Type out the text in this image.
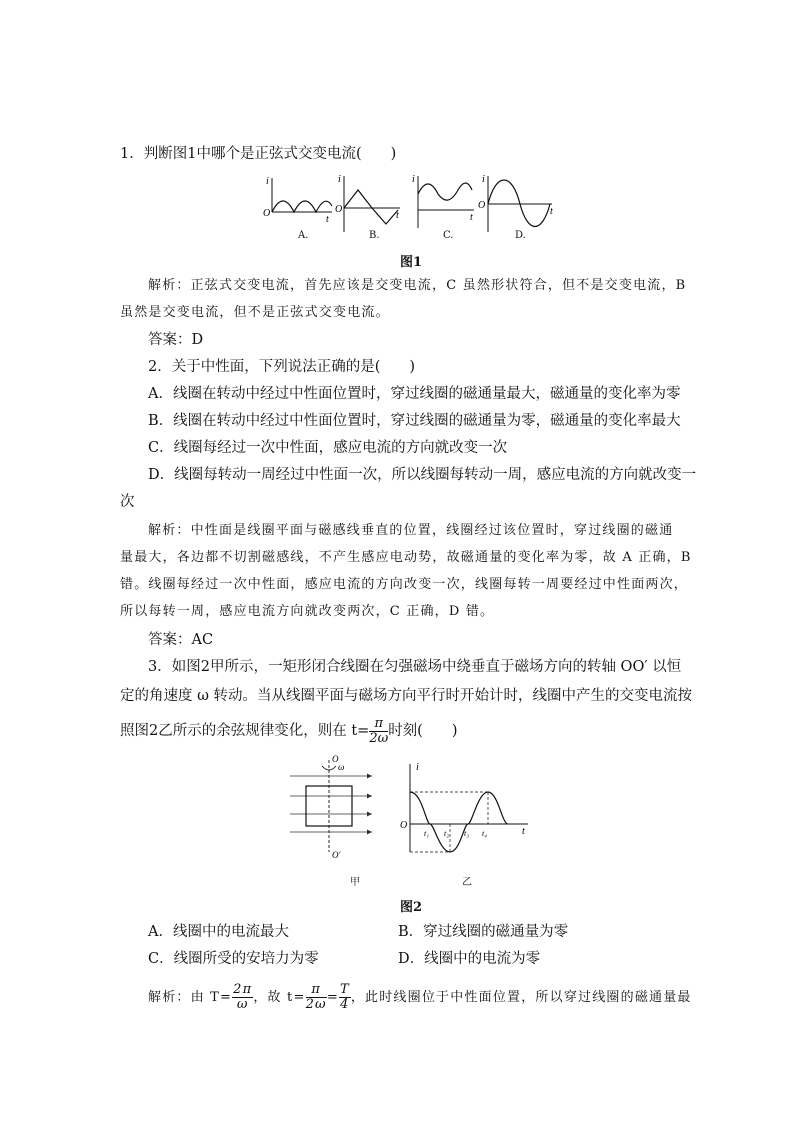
1．判断图1中哪个是正弦式交变电流(　　)
i
O
t
i
O
t
i
t
i
O
t
A.	B.	C.	D.
图1
解析：正弦式交变电流，首先应该是交变电流，C 虽然形状符合，但不是交变电流，B
虽然是交变电流，但不是正弦式交变电流。
答案：D
2．关于中性面，下列说法正确的是(　　)
A．线圈在转动中经过中性面位置时，穿过线圈的磁通量最大，磁通量的变化率为零
B．线圈在转动中经过中性面位置时，穿过线圈的磁通量为零，磁通量的变化率最大
C．线圈每经过一次中性面，感应电流的方向就改变一次
D．线圈每转动一周经过中性面一次，所以线圈每转动一周，感应电流的方向就改变一
次
解析：中性面是线圈平面与磁感线垂直的位置，线圈经过该位置时，穿过线圈的磁通
量最大，各边都不切割磁感线，不产生感应电动势，故磁通量的变化率为零，故 A 正确，B
错。线圈每经过一次中性面，感应电流的方向改变一次，线圈每转一周要经过中性面两次，
所以每转一周，感应电流方向就改变两次，C 正确，D 错。
答案：AC
3．如图2甲所示，一矩形闭合线圈在匀强磁场中绕垂直于磁场方向的转轴 OO′ 以恒
定的角速度 ω 转动。当从线圈平面与磁场方向平行时开始计时，线圈中产生的交变电流按
照图2乙所示的余弦规律变化，则在 $t= \frac{\pi}{2\omega}$ 时刻(　　)
O
ω
O′
i
O
t
t₁ t₂ t₃ t₄
甲	乙
图2
A．线圈中的电流最大	B．穿过线圈的磁通量为零
C．线圈所受的安培力为零	D．线圈中的电流为零
解析：由 $T= \frac{2\pi}{\omega}$ ，故 $t= \frac{\pi}{2\omega} = \frac{T}{4}$ ，此时线圈位于中性面位置，所以穿过线圈的磁通量最
